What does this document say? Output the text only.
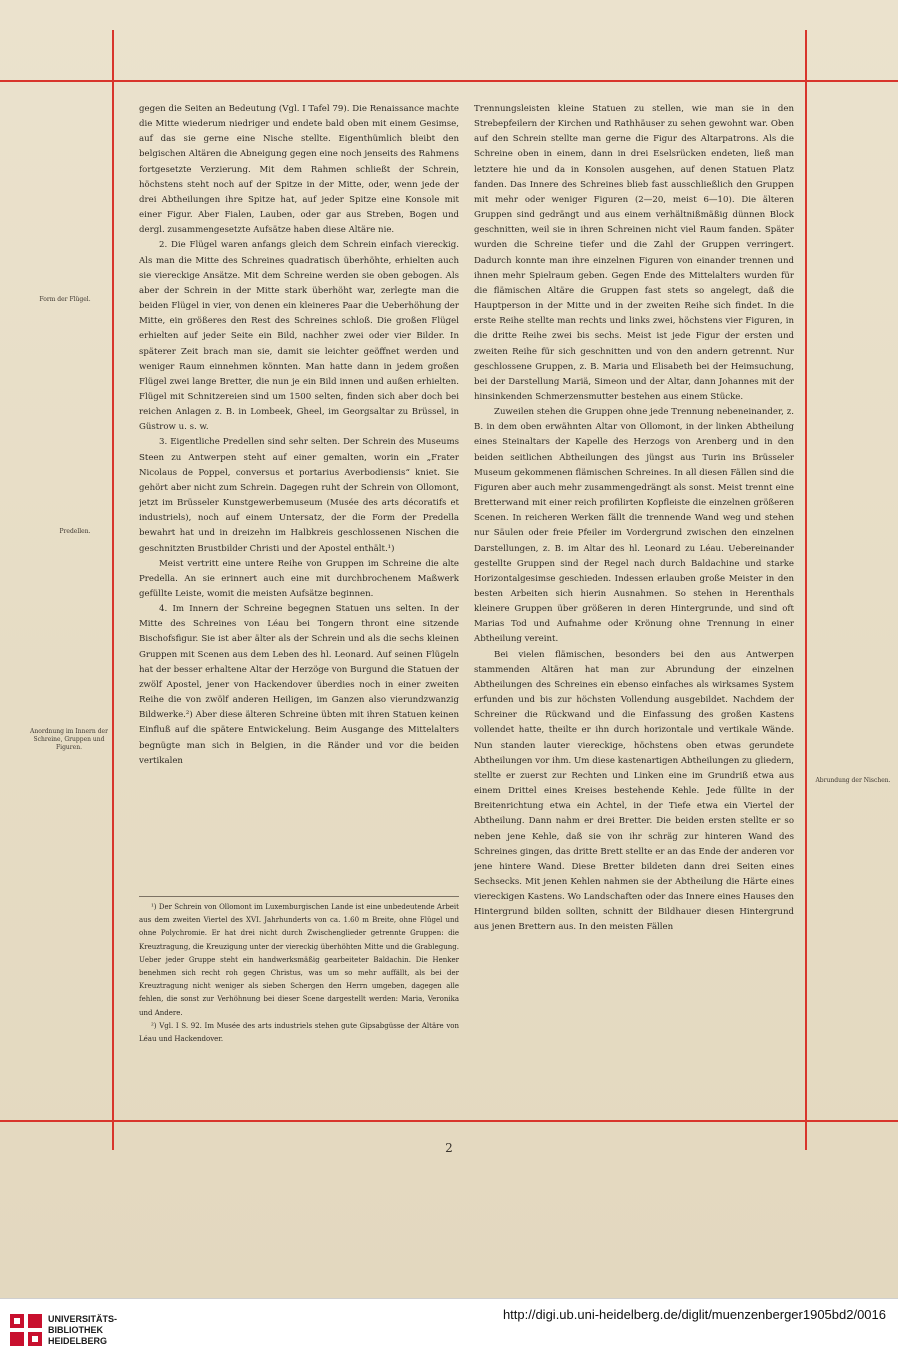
Form der Flügel.
Predellen.
Anordnung im Innern der Schreine, Gruppen und Figuren.
Abrundung der Nischen.

gegen die Seiten an Bedeutung (Vgl. I Tafel 79). Die Renaissance machte die Mitte wiederum niedriger und endete bald oben mit einem Gesimse, auf das sie gerne eine Nische stellte. Eigenthümlich bleibt den belgischen Altären die Abneigung gegen eine noch jenseits des Rahmens fortgesetzte Verzierung. Mit dem Rahmen schließt der Schrein, höchstens steht noch auf der Spitze in der Mitte, oder, wenn jede der drei Abtheilungen ihre Spitze hat, auf jeder Spitze eine Konsole mit einer Figur. Aber Fialen, Lauben, oder gar aus Streben, Bogen und dergl. zusammengesetzte Aufsätze haben diese Altäre nie.

2. Die Flügel waren anfangs gleich dem Schrein einfach viereckig. Als man die Mitte des Schreines quadratisch überhöhte, erhielten auch sie viereckige Ansätze. Mit dem Schreine werden sie oben gebogen. Als aber der Schrein in der Mitte stark überhöht war, zerlegte man die beiden Flügel in vier, von denen ein kleineres Paar die Ueberhöhung der Mitte, ein größeres den Rest des Schreines schloß. Die großen Flügel erhielten auf jeder Seite ein Bild, nachher zwei oder vier Bilder. In späterer Zeit brach man sie, damit sie leichter geöffnet werden und weniger Raum einnehmen könnten. Man hatte dann in jedem großen Flügel zwei lange Bretter, die nun je ein Bild innen und außen erhielten. Flügel mit Schnitzereien sind um 1500 selten, finden sich aber doch bei reichen Anlagen z. B. in Lombeek, Gheel, im Georgsaltar zu Brüssel, in Güstrow u. s. w.

3. Eigentliche Predellen sind sehr selten. Der Schrein des Museums Steen zu Antwerpen steht auf einer gemalten, worin ein „Frater Nicolaus de Poppel, conversus et portarius Averbodiensis“ kniet. Sie gehört aber nicht zum Schrein. Dagegen ruht der Schrein von Ollomont, jetzt im Brüsseler Kunstgewerbemuseum (Musée des arts décoratifs et industriels), noch auf einem Untersatz, der die Form der Predella bewahrt hat und in dreizehn im Halbkreis geschlossenen Nischen die geschnitzten Brustbilder Christi und der Apostel enthält.¹)

Meist vertritt eine untere Reihe von Gruppen im Schreine die alte Predella. An sie erinnert auch eine mit durchbrochenem Maßwerk gefüllte Leiste, womit die meisten Aufsätze beginnen.

4. Im Innern der Schreine begegnen Statuen uns selten. In der Mitte des Schreines von Léau bei Tongern thront eine sitzende Bischofsfigur. Sie ist aber älter als der Schrein und als die sechs kleinen Gruppen mit Scenen aus dem Leben des hl. Leonard. Auf seinen Flügeln hat der besser erhaltene Altar der Herzöge von Burgund die Statuen der zwölf Apostel, jener von Hackendover überdies noch in einer zweiten Reihe die von zwölf anderen Heiligen, im Ganzen also vierundzwanzig Bildwerke.²) Aber diese älteren Schreine übten mit ihren Statuen keinen Einfluß auf die spätere Entwickelung. Beim Ausgange des Mittelalters begnügte man sich in Belgien, in die Ränder und vor die beiden vertikalen

¹) Der Schrein von Ollomont im Luxemburgischen Lande ist eine unbedeutende Arbeit aus dem zweiten Viertel des XVI. Jahrhunderts von ca. 1.60 m Breite, ohne Flügel und ohne Polychromie. Er hat drei nicht durch Zwischenglieder getrennte Gruppen: die Kreuztragung, die Kreuzigung unter der viereckig überhöhten Mitte und die Grablegung. Ueber jeder Gruppe steht ein handwerksmäßig gearbeiteter Baldachin. Die Henker benehmen sich recht roh gegen Christus, was um so mehr auffällt, als bei der Kreuztragung nicht weniger als sieben Schergen den Herrn umgeben, dagegen alle fehlen, die sonst zur Verhöhnung bei dieser Scene dargestellt werden: Maria, Veronika und Andere.

²) Vgl. I S. 92. Im Musée des arts industriels stehen gute Gipsabgüsse der Altäre von Léau und Hackendover.

Trennungsleisten kleine Statuen zu stellen, wie man sie in den Strebepfeilern der Kirchen und Rathhäuser zu sehen gewohnt war. Oben auf den Schrein stellte man gerne die Figur des Altarpatrons. Als die Schreine oben in einem, dann in drei Eselsrücken endeten, ließ man letztere hie und da in Konsolen ausgehen, auf denen Statuen Platz fanden. Das Innere des Schreines blieb fast ausschließlich den Gruppen mit mehr oder weniger Figuren (2—20, meist 6—10). Die älteren Gruppen sind gedrängt und aus einem verhältnißmäßig dünnen Block geschnitten, weil sie in ihren Schreinen nicht viel Raum fanden. Später wurden die Schreine tiefer und die Zahl der Gruppen verringert. Dadurch konnte man ihre einzelnen Figuren von einander trennen und ihnen mehr Spielraum geben. Gegen Ende des Mittelalters wurden für die flämischen Altäre die Gruppen fast stets so angelegt, daß die Hauptperson in der Mitte und in der zweiten Reihe sich findet. In die erste Reihe stellte man rechts und links zwei, höchstens vier Figuren, in die dritte Reihe zwei bis sechs. Meist ist jede Figur der ersten und zweiten Reihe für sich geschnitten und von den andern getrennt. Nur geschlossene Gruppen, z. B. Maria und Elisabeth bei der Heimsuchung, bei der Darstellung Mariä, Simeon und der Altar, dann Johannes mit der hinsinkenden Schmerzensmutter bestehen aus einem Stücke.

Zuweilen stehen die Gruppen ohne jede Trennung nebeneinander, z. B. in dem oben erwähnten Altar von Ollomont, in der linken Abtheilung eines Steinaltars der Kapelle des Herzogs von Arenberg und in den beiden seitlichen Abtheilungen des jüngst aus Turin ins Brüsseler Museum gekommenen flämischen Schreines. In all diesen Fällen sind die Figuren aber auch mehr zusammengedrängt als sonst. Meist trennt eine Bretterwand mit einer reich profilirten Kopfleiste die einzelnen größeren Scenen. In reicheren Werken fällt die trennende Wand weg und stehen nur Säulen oder freie Pfeiler im Vordergrund zwischen den einzelnen Darstellungen, z. B. im Altar des hl. Leonard zu Léau. Uebereinander gestellte Gruppen sind der Regel nach durch Baldachine und starke Horizontalgesimse geschieden. Indessen erlauben große Meister in den besten Arbeiten sich hierin Ausnahmen. So stehen in Herenthals kleinere Gruppen über größeren in deren Hintergrunde, und sind oft Marias Tod und Aufnahme oder Krönung ohne Trennung in einer Abtheilung vereint.

Bei vielen flämischen, besonders bei den aus Antwerpen stammenden Altären hat man zur Abrundung der einzelnen Abtheilungen des Schreines ein ebenso einfaches als wirksames System erfunden und bis zur höchsten Vollendung ausgebildet. Nachdem der Schreiner die Rückwand und die Einfassung des großen Kastens vollendet hatte, theilte er ihn durch horizontale und vertikale Wände. Nun standen lauter viereckige, höchstens oben etwas gerundete Abtheilungen vor ihm. Um diese kastenartigen Abtheilungen zu gliedern, stellte er zuerst zur Rechten und Linken eine im Grundriß etwa aus einem Drittel eines Kreises bestehende Kehle. Jede füllte in der Breitenrichtung etwa ein Achtel, in der Tiefe etwa ein Viertel der Abtheilung. Dann nahm er drei Bretter. Die beiden ersten stellte er so neben jene Kehle, daß sie von ihr schräg zur hinteren Wand des Schreines gingen, das dritte Brett stellte er an das Ende der anderen vor jene hintere Wand. Diese Bretter bildeten dann drei Seiten eines Sechsecks. Mit jenen Kehlen nahmen sie der Abtheilung die Härte eines viereckigen Kastens. Wo Landschaften oder das Innere eines Hauses den Hintergrund bilden sollten, schnitt der Bildhauer diesen Hintergrund aus jenen Brettern aus. In den meisten Fällen

2
UNIVERSITÄTS-
BIBLIOTHEK
HEIDELBERG
http://digi.ub.uni-heidelberg.de/diglit/muenzenberger1905bd2/0016
